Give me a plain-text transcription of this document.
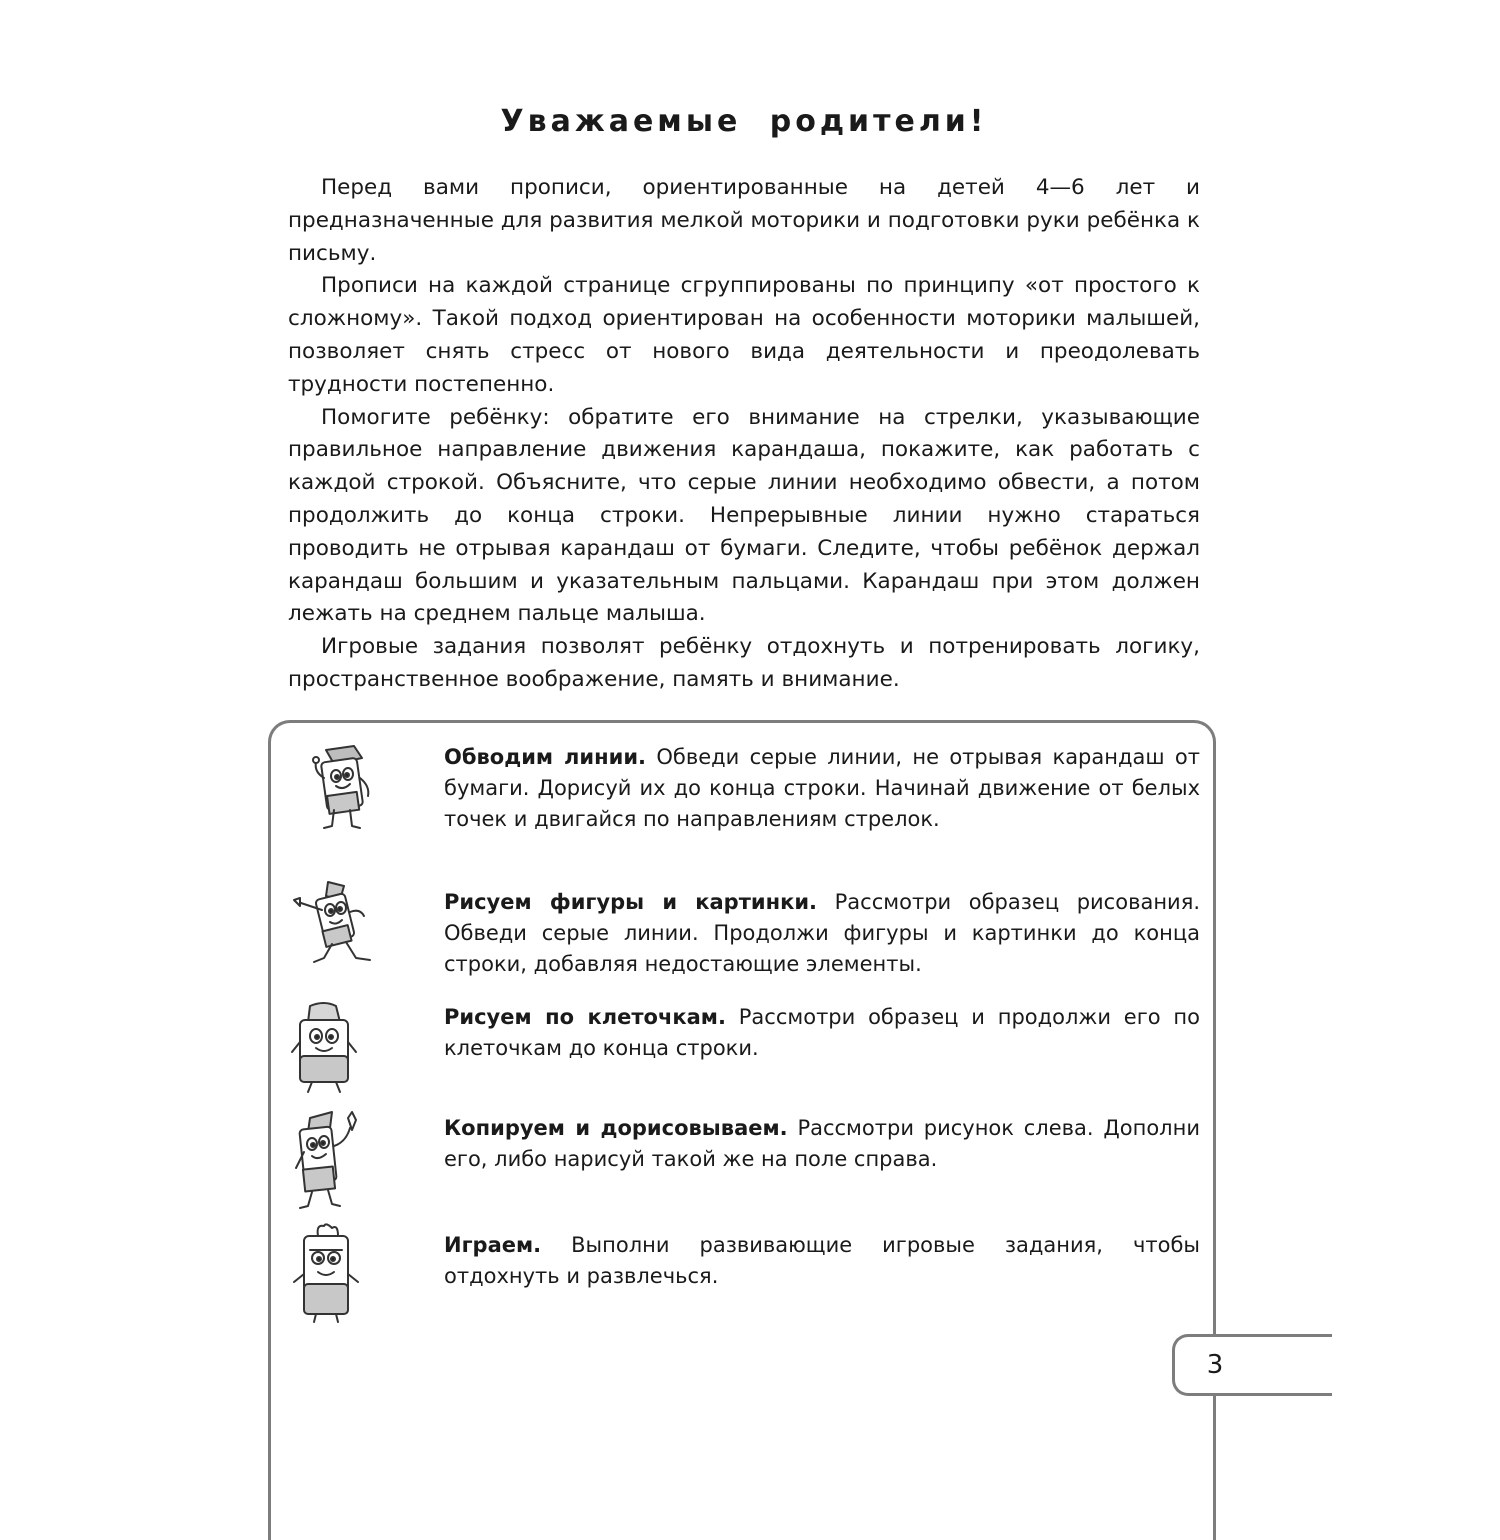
Уважаемые родители!

Перед вами прописи, ориентированные на детей 4—6 лет и предназначенные для развития мелкой моторики и подготовки руки ребёнка к письму.

Прописи на каждой странице сгруппированы по принципу «от простого к сложному». Такой подход ориентирован на особенности моторики малышей, позволяет снять стресс от нового вида деятельности и преодолевать трудности постепенно.

Помогите ребёнку: обратите его внимание на стрелки, указывающие правильное направление движения карандаша, покажите, как работать с каждой строкой. Объясните, что серые линии необходимо обвести, а потом продолжить до конца строки. Непрерывные линии нужно стараться проводить не отрывая карандаш от бумаги. Следите, чтобы ребёнок держал карандаш большим и указательным пальцами. Карандаш при этом должен лежать на среднем пальце малыша.

Игровые задания позволят ребёнку отдохнуть и потренировать логику, пространственное воображение, память и внимание.

Обводим линии. Обведи серые линии, не отрывая карандаш от бумаги. Дорисуй их до конца строки. Начинай движение от белых точек и двигайся по направлениям стрелок.

Рисуем фигуры и картинки. Рассмотри образец рисования. Обведи серые линии. Продолжи фигуры и картинки до конца строки, добавляя недостающие элементы.

Рисуем по клеточкам. Рассмотри образец и продолжи его по клеточкам до конца строки.

Копируем и дорисовываем. Рассмотри рисунок слева. Дополни его, либо нарисуй такой же на поле справа.

Играем. Выполни развивающие игровые задания, чтобы отдохнуть и развлечься.

3
